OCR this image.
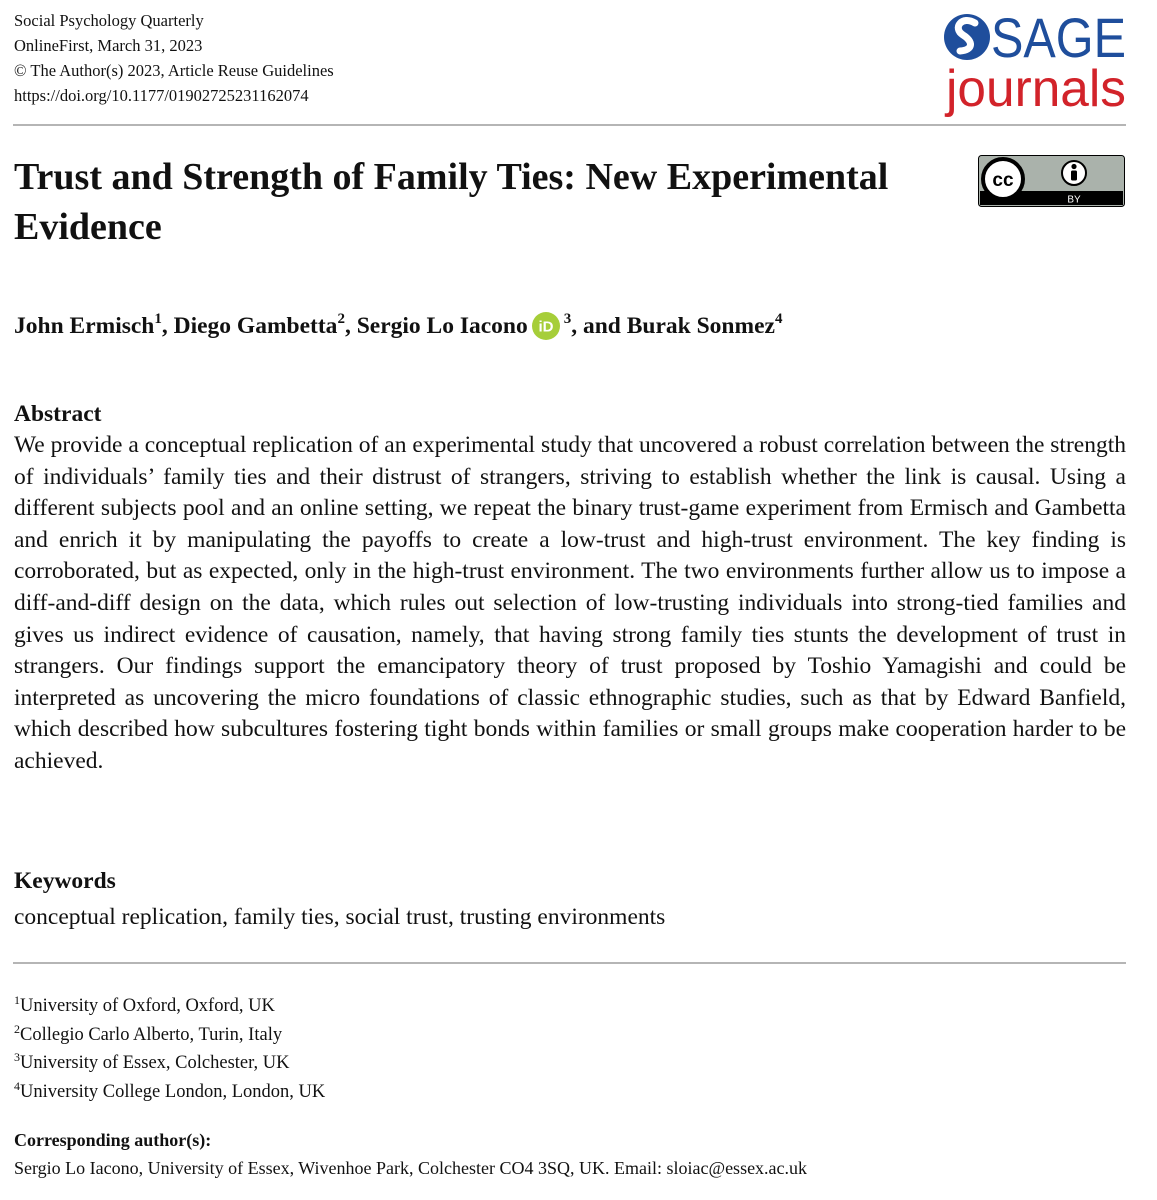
Social Psychology Quarterly
OnlineFirst, March 31, 2023
© The Author(s) 2023, Article Reuse Guidelines
https://doi.org/10.1177/01902725231162074
SAGE
journals
Trust and Strength of Family Ties: New Experimental Evidence
cc
BY
John Ermisch$^1$, Diego Gambetta$^2$, Sergio Lo Iacono iD $^3$, and Burak Sonmez$^4$
Abstract

We provide a conceptual replication of an experimental study that uncovered a robust correlation between the strength of individuals’ family ties and their distrust of strangers, striving to establish whether the link is causal. Using a different subjects pool and an online setting, we repeat the binary trust-game experiment from Ermisch and Gambetta and enrich it by manipulating the payoffs to create a low-trust and high-trust environment. The key finding is corroborated, but as expected, only in the high-trust environment. The two environments further allow us to impose a diff-and-diff design on the data, which rules out selection of low-trusting individuals into strong-tied families and gives us indirect evidence of causation, namely, that having strong family ties stunts the development of trust in strangers. Our findings support the emancipatory theory of trust proposed by Toshio Yamagishi and could be interpreted as uncovering the micro foundations of classic ethnographic studies, such as that by Edward Banfield, which described how subcultures fostering tight bonds within families or small groups make cooperation harder to be achieved.

Keywords

conceptual replication, family ties, social trust, trusting environments

$^1$University of Oxford, Oxford, UK
$^2$Collegio Carlo Alberto, Turin, Italy
$^3$University of Essex, Colchester, UK
$^4$University College London, London, UK
Corresponding author(s):
Sergio Lo Iacono, University of Essex, Wivenhoe Park, Colchester CO4 3SQ, UK. Email: sloiac@essex.ac.uk
